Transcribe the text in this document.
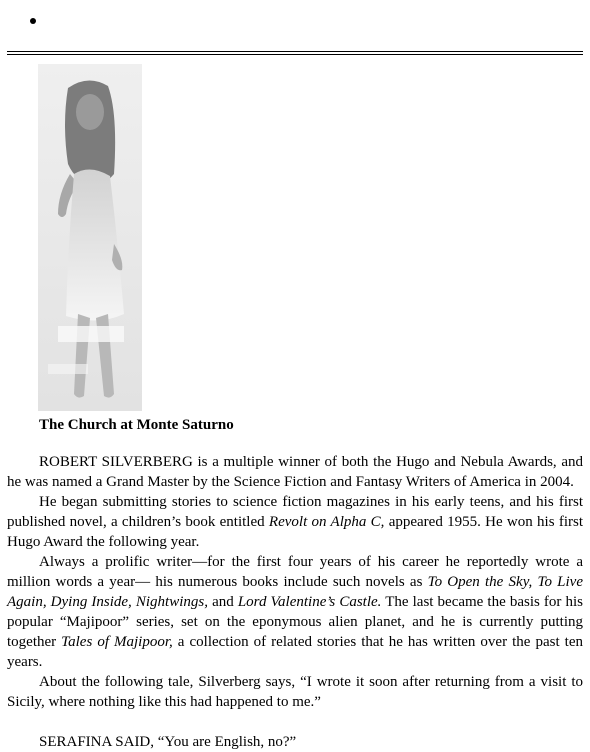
The Church at Monte Saturno

ROBERT SILVERBERG is a multiple winner of both the Hugo and Nebula Awards, and he was named a Grand Master by the Science Fiction and Fantasy Writers of America in 2004.

He began submitting stories to science fiction magazines in his early teens, and his first published novel, a children’s book entitled Revolt on Alpha C, appeared 1955. He won his first Hugo Award the following year.

Always a prolific writer—for the first four years of his career he reportedly wrote a million words a year— his numerous books include such novels as To Open the Sky, To Live Again, Dying Inside, Nightwings, and Lord Valentine’s Castle. The last became the basis for his popular “Majipoor” series, set on the eponymous alien planet, and he is currently putting together Tales of Majipoor, a collection of related stories that he has written over the past ten years.

About the following tale, Silverberg says, “I wrote it soon after returning from a visit to Sicily, where nothing like this had happened to me.”

SERAFINA SAID, “You are English, no?”
